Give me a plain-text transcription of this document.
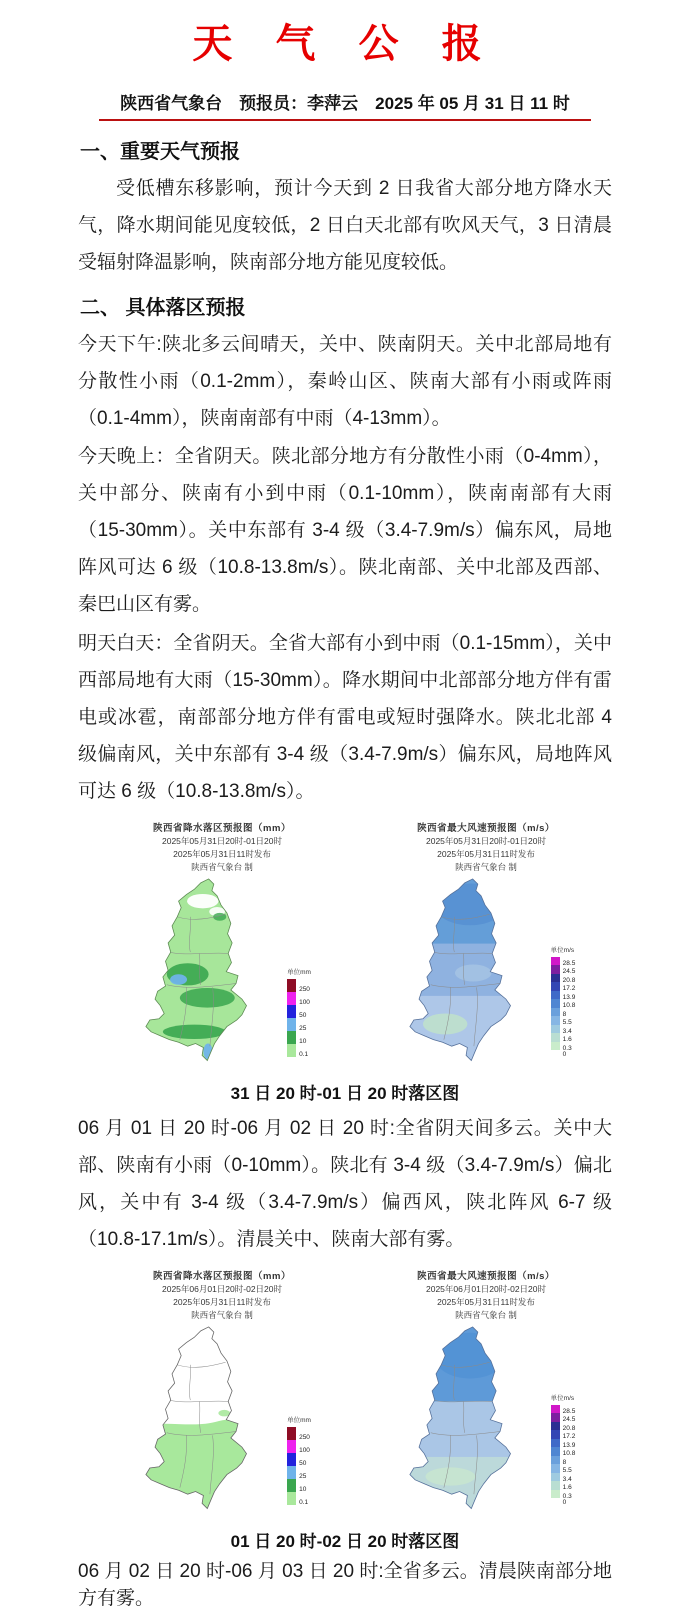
天 气 公 报
陕西省气象台　预报员：李萍云　2025 年 05 月 31 日 11 时
一、重要天气预报

受低槽东移影响，预计今天到 2 日我省大部分地方降水天气，降水期间能见度较低，2 日白天北部有吹风天气，3 日清晨受辐射降温影响，陕南部分地方能见度较低。

二、 具体落区预报

今天下午:陕北多云间晴天，关中、陕南阴天。关中北部局地有分散性小雨（0.1-2mm），秦岭山区、陕南大部有小雨或阵雨（0.1-4mm），陕南南部有中雨（4-13mm）。

今天晚上：全省阴天。陕北部分地方有分散性小雨（0-4mm），关中部分、陕南有小到中雨（0.1-10mm），陕南南部有大雨（15-30mm）。关中东部有 3-4 级（3.4-7.9m/s）偏东风，局地阵风可达 6 级（10.8-13.8m/s）。陕北南部、关中北部及西部、秦巴山区有雾。

明天白天：全省阴天。全省大部有小到中雨（0.1-15mm），关中西部局地有大雨（15-30mm）。降水期间中北部部分地方伴有雷电或冰雹，南部部分地方伴有雷电或短时强降水。陕北北部 4 级偏南风，关中东部有 3-4 级（3.4-7.9m/s）偏东风，局地阵风可达 6 级（10.8-13.8m/s）。

陕西省降水落区预报图（mm）
2025年05月31日20时-01日20时
2025年05月31日11时发布
陕西省气象台 制
单位mm
250
100
50
25
10
0.1
陕西省最大风速预报图（m/s）
2025年05月31日20时-01日20时
2025年05月31日11时发布
陕西省气象台 制
单位m/s
28.5
24.5
20.8
17.2
13.9
10.8
8
5.5
3.4
1.6
0.3
0
31 日 20 时-01 日 20 时落区图

06 月 01 日 20 时-06 月 02 日 20 时:全省阴天间多云。关中大部、陕南有小雨（0-10mm）。陕北有 3-4 级（3.4-7.9m/s）偏北风，关中有 3-4 级（3.4-7.9m/s）偏西风，陕北阵风 6-7 级（10.8-17.1m/s）。清晨关中、陕南大部有雾。

陕西省降水落区预报图（mm）
2025年06月01日20时-02日20时
2025年05月31日11时发布
陕西省气象台 制
单位mm
250
100
50
25
10
0.1
陕西省最大风速预报图（m/s）
2025年06月01日20时-02日20时
2025年05月31日11时发布
陕西省气象台 制
单位m/s
28.5
24.5
20.8
17.2
13.9
10.8
8
5.5
3.4
1.6
0.3
0
01 日 20 时-02 日 20 时落区图

06 月 02 日 20 时-06 月 03 日 20 时:全省多云。清晨陕南部分地方有雾。
